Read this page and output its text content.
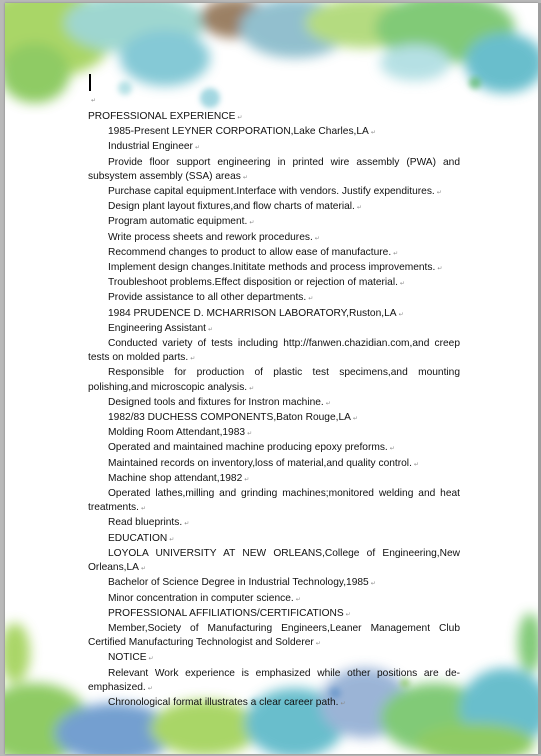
↵

PROFESSIONAL EXPERIENCE ↵

1985-Present LEYNER CORPORATION,Lake Charles,LA ↵

Industrial Engineer ↵

Provide floor support engineering in printed wire assembly (PWA) and subsystem assembly (SSA) areas ↵

Purchase capital equipment.Interface with vendors. Justify expenditures. ↵

Design plant layout fixtures,and flow charts of material. ↵

Program automatic equipment. ↵

Write process sheets and rework procedures. ↵

Recommend changes to product to allow ease of manufacture. ↵

Implement design changes.Inititate methods and process improvements. ↵

Troubleshoot problems.Effect disposition or rejection of material. ↵

Provide assistance to all other departments. ↵

1984 PRUDENCE D. MCHARRISON LABORATORY,Ruston,LA ↵

Engineering Assistant ↵

Conducted variety of tests including http://fanwen.chazidian.com,and creep tests on molded parts. ↵

Responsible for production of plastic test specimens,and mounting polishing,and microscopic analysis. ↵

Designed tools and fixtures for Instron machine. ↵

1982/83 DUCHESS COMPONENTS,Baton Rouge,LA ↵

Molding Room Attendant,1983 ↵

Operated and maintained machine producing epoxy preforms. ↵

Maintained records on inventory,loss of material,and quality control. ↵

Machine shop attendant,1982 ↵

Operated lathes,milling and grinding machines;monitored welding and heat treatments. ↵

Read blueprints. ↵

EDUCATION ↵

LOYOLA UNIVERSITY AT NEW ORLEANS,College of Engineering,New Orleans,LA ↵

Bachelor of Science Degree in Industrial Technology,1985 ↵

Minor concentration in computer science. ↵

PROFESSIONAL AFFILIATIONS/CERTIFICATIONS ↵

Member,Society of Manufacturing Engineers,Leaner Management Club Certified Manufacturing Technologist and Solderer ↵

NOTICE ↵

Relevant Work experience is emphasized while other positions are de-emphasized. ↵

Chronological format illustrates a clear career path. ↵
